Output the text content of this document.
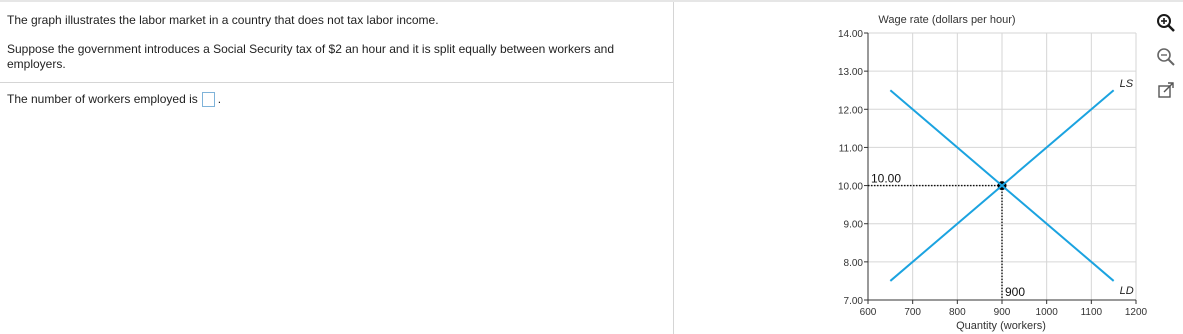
The graph illustrates the labor market in a country that does not tax labor income.
Suppose the government introduces a Social Security tax of $2 an hour and it is split equally between workers and employers.
The number of workers employed is .
7.00
8.00
9.00
10.00
11.00
12.00
13.00
14.00
600	700	800	900	1000 1100 1200
10.00
900
LS
LD
Wage rate (dollars per hour)
Quantity (workers)
